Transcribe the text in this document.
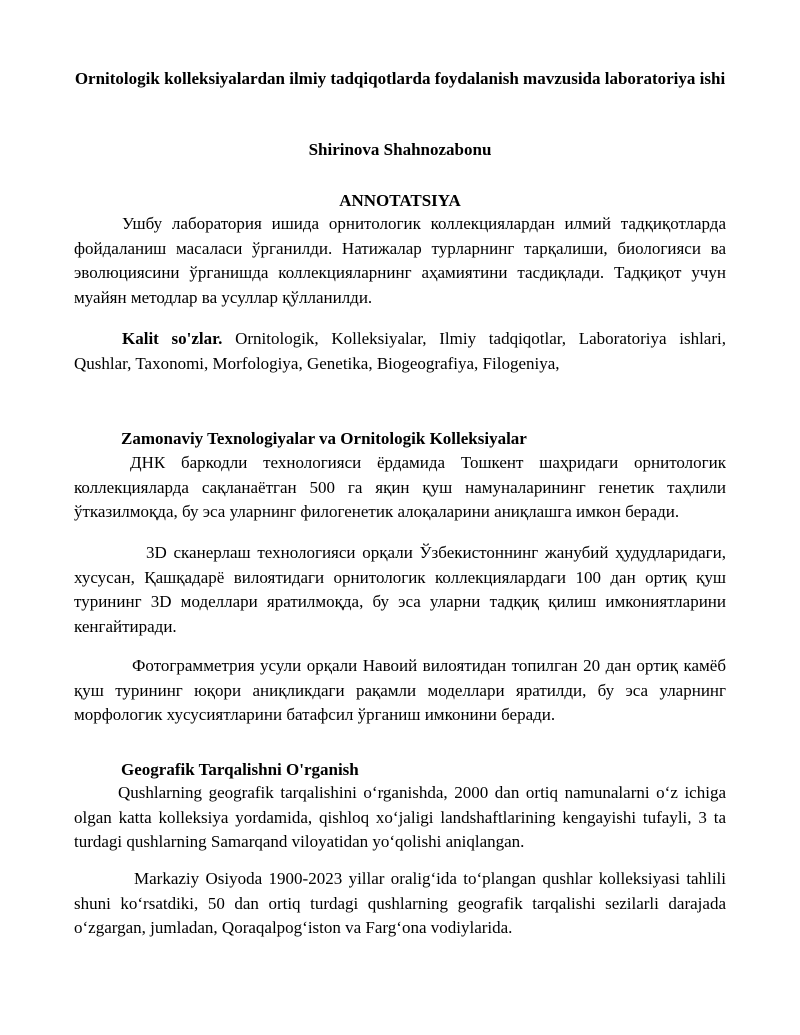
Ornitologik kolleksiyalardan ilmiy tadqiqotlarda foydalanish mavzusida laboratoriya ishi
Shirinova Shahnozabonu
ANNOTATSIYA
Ушбу лаборатория ишида орнитологик коллекциялардан илмий тадқиқотларда фойдаланиш масаласи ўрганилди. Натижалар турларнинг тарқалиши, биологияси ва эволюциясини ўрганишда коллекцияларнинг аҳамиятини тасдиқлади. Тадқиқот учун муайян методлар ва усуллар қўлланилди.
Kalit so'zlar. Ornitologik, Kolleksiyalar, Ilmiy tadqiqotlar, Laboratoriya ishlari, Qushlar, Taxonomi, Morfologiya, Genetika, Biogeografiya, Filogeniya,
Zamonaviy Texnologiyalar va Ornitologik Kolleksiyalar
ДНК баркодли технологияси ёрдамида Тошкент шаҳридаги орнитологик коллекцияларда сақланаётган 500 га яқин қуш намуналарининг генетик таҳлили ўтказилмоқда, бу эса уларнинг филогенетик алоқаларини аниқлашга имкон беради.
3D сканерлаш технологияси орқали Ўзбекистоннинг жанубий ҳудудларидаги, хусусан, Қашқадарё вилоятидаги орнитологик коллекциялардаги 100 дан ортиқ қуш турининг 3D моделлари яратилмоқда, бу эса уларни тадқиқ қилиш имкониятларини кенгайтиради.
Фотограмметрия усули орқали Навоий вилоятидан топилган 20 дан ортиқ камёб қуш турининг юқори аниқликдаги рақамли моделлари яратилди, бу эса уларнинг морфологик хусусиятларини батафсил ўрганиш имконини беради.
Geografik Tarqalishni O'rganish
Qushlarning geografik tarqalishini oʻrganishda, 2000 dan ortiq namunalarni oʻz ichiga olgan katta kolleksiya yordamida, qishloq xoʻjaligi landshaftlarining kengayishi tufayli, 3 ta turdagi qushlarning Samarqand viloyatidan yoʻqolishi aniqlangan.
Markaziy Osiyoda 1900-2023 yillar oraligʻida toʻplangan qushlar kolleksiyasi tahlili shuni koʻrsatdiki, 50 dan ortiq turdagi qushlarning geografik tarqalishi sezilarli darajada oʻzgargan, jumladan, Qoraqalpogʻiston va Fargʻona vodiylarida.
